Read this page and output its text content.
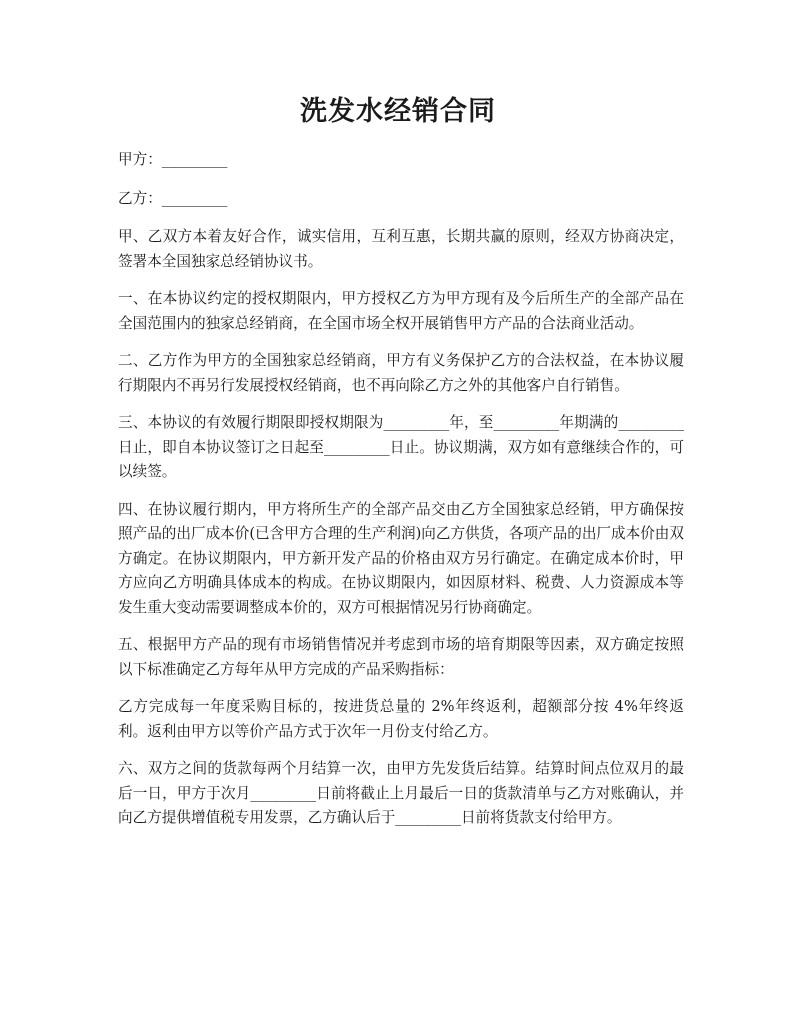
洗发水经销合同

甲方：_________

乙方：_________

甲、乙双方本着友好合作，诚实信用，互利互惠，长期共赢的原则，经双方协商决定，签署本全国独家总经销协议书。

一、在本协议约定的授权期限内，甲方授权乙方为甲方现有及今后所生产的全部产品在全国范围内的独家总经销商，在全国市场全权开展销售甲方产品的合法商业活动。

二、乙方作为甲方的全国独家总经销商，甲方有义务保护乙方的合法权益，在本协议履行期限内不再另行发展授权经销商，也不再向除乙方之外的其他客户自行销售。

三、本协议的有效履行期限即授权期限为_________年，至_________年期满的_________日止，即自本协议签订之日起至_________日止。协议期满，双方如有意继续合作的，可以续签。

四、在协议履行期内，甲方将所生产的全部产品交由乙方全国独家总经销，甲方确保按照产品的出厂成本价(已含甲方合理的生产利润)向乙方供货，各项产品的出厂成本价由双方确定。在协议期限内，甲方新开发产品的价格由双方另行确定。在确定成本价时，甲方应向乙方明确具体成本的构成。在协议期限内，如因原材料、税费、人力资源成本等发生重大变动需要调整成本价的，双方可根据情况另行协商确定。

五、根据甲方产品的现有市场销售情况并考虑到市场的培育期限等因素，双方确定按照以下标准确定乙方每年从甲方完成的产品采购指标：

乙方完成每一年度采购目标的，按进货总量的 2%年终返利，超额部分按 4%年终返利。返利由甲方以等价产品方式于次年一月份支付给乙方。

六、双方之间的货款每两个月结算一次，由甲方先发货后结算。结算时间点位双月的最后一日，甲方于次月_________日前将截止上月最后一日的货款清单与乙方对账确认，并向乙方提供增值税专用发票，乙方确认后于_________日前将货款支付给甲方。
